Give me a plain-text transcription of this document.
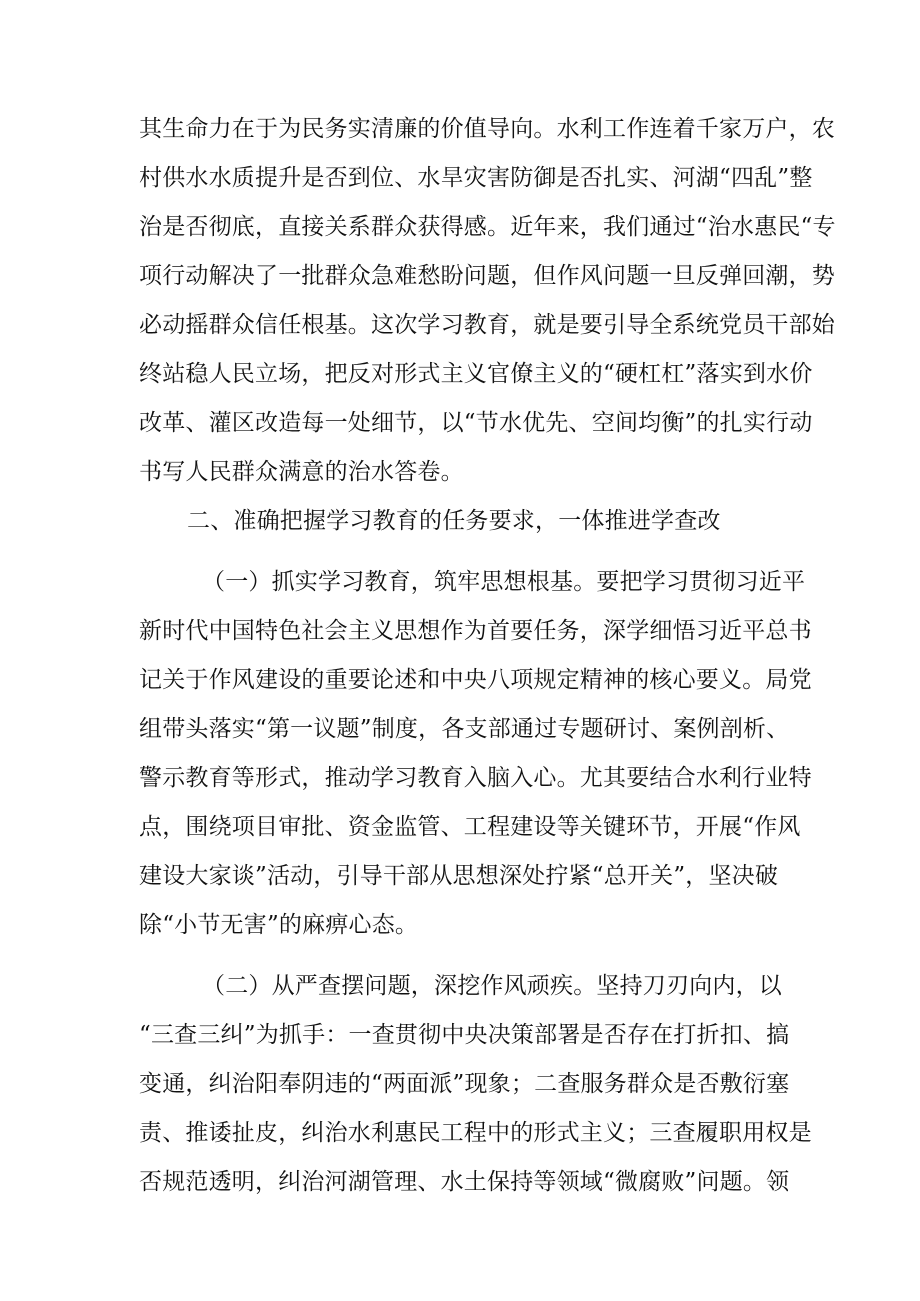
其生命力在于为民务实清廉的价值导向。水利工作连着千家万户，农

村供水水质提升是否到位、水旱灾害防御是否扎实、河湖“四乱”整

治是否彻底，直接关系群众获得感。近年来，我们通过“治水惠民“专

项行动解决了一批群众急难愁盼问题，但作风问题一旦反弹回潮，势

必动摇群众信任根基。这次学习教育，就是要引导全系统党员干部始

终站稳人民立场，把反对形式主义官僚主义的“硬杠杠”落实到水价

改革、灌区改造每一处细节，以“节水优先、空间均衡”的扎实行动

书写人民群众满意的治水答卷。

二、准确把握学习教育的任务要求，一体推进学查改

（一）抓实学习教育，筑牢思想根基。要把学习贯彻习近平

新时代中国特色社会主义思想作为首要任务，深学细悟习近平总书

记关于作风建设的重要论述和中央八项规定精神的核心要义。局党

组带头落实“第一议题”制度，各支部通过专题研讨、案例剖析、

警示教育等形式，推动学习教育入脑入心。尤其要结合水利行业特

点，围绕项目审批、资金监管、工程建设等关键环节，开展“作风

建设大家谈”活动，引导干部从思想深处拧紧“总开关”，坚决破

除“小节无害”的麻痹心态。

（二）从严查摆问题，深挖作风顽疾。坚持刀刃向内，以

“三查三纠”为抓手：一查贯彻中央决策部署是否存在打折扣、搞

变通，纠治阳奉阴违的“两面派”现象；二查服务群众是否敷衍塞

责、推诿扯皮，纠治水利惠民工程中的形式主义；三查履职用权是

否规范透明，纠治河湖管理、水土保持等领域“微腐败”问题。领
